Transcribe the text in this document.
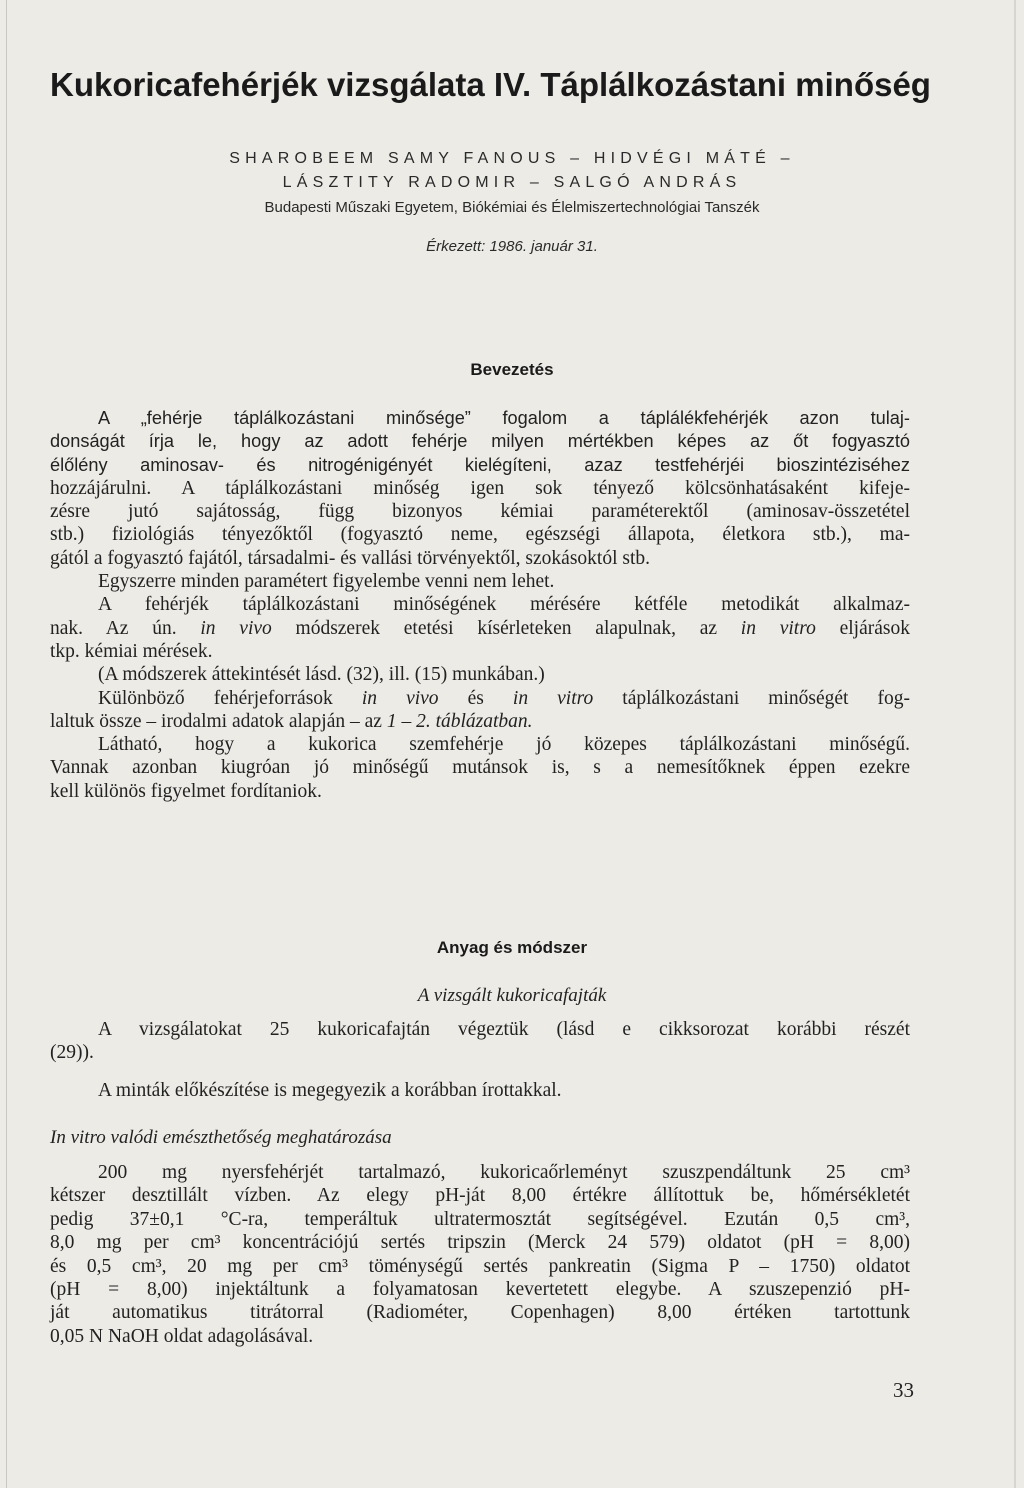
Kukoricafehérjék vizsgálata IV. Táplálkozástani minőség
SHAROBEEM SAMY FANOUS – HIDVÉGI MÁTÉ –
LÁSZTITY RADOMIR – SALGÓ ANDRÁS
Budapesti Műszaki Egyetem, Biókémiai és Élelmiszertechnológiai Tanszék
Érkezett: 1986. január 31.
Bevezetés
A „fehérje táplálkozástani minősége” fogalom a táplálékfehérjék azon tulaj-
donságát írja le, hogy az adott fehérje milyen mértékben képes az őt fogyasztó
élőlény aminosav- és nitrogénigényét kielégíteni, azaz testfehérjéi bioszintéziséhez
hozzájárulni. A táplálkozástani minőség igen sok tényező kölcsönhatásaként kifeje-
zésre jutó sajátosság, függ bizonyos kémiai paraméterektől (aminosav-összetétel
stb.) fiziológiás tényezőktől (fogyasztó neme, egészségi állapota, életkora stb.), ma-
gától a fogyasztó fajától, társadalmi- és vallási törvényektől, szokásoktól stb.
Egyszerre minden paramétert figyelembe venni nem lehet.
A fehérjék táplálkozástani minőségének mérésére kétféle metodikát alkalmaz-
nak. Az ún. in vivo módszerek etetési kísérleteken alapulnak, az in vitro eljárások
tkp. kémiai mérések.
(A módszerek áttekintését lásd. (32), ill. (15) munkában.)
Különböző fehérjeforrások in vivo és in vitro táplálkozástani minőségét fog-
laltuk össze – irodalmi adatok alapján – az 1 – 2. táblázatban.
Látható, hogy a kukorica szemfehérje jó közepes táplálkozástani minőségű.
Vannak azonban kiugróan jó minőségű mutánsok is, s a nemesítőknek éppen ezekre
kell különös figyelmet fordítaniok.
Anyag és módszer
A vizsgált kukoricafajták
A vizsgálatokat 25 kukoricafajtán végeztük (lásd e cikksorozat korábbi részét
(29)).
A minták előkészítése is megegyezik a korábban írottakkal.
In vitro valódi emészthetőség meghatározása
200 mg nyersfehérjét tartalmazó, kukoricaőrleményt szuszpendáltunk 25 cm³
kétszer desztillált vízben. Az elegy pH-ját 8,00 értékre állítottuk be, hőmérsékletét
pedig 37±0,1 °C-ra, temperáltuk ultratermosztát segítségével. Ezután 0,5 cm³,
8,0 mg per cm³ koncentrációjú sertés tripszin (Merck 24 579) oldatot (pH = 8,00)
és 0,5 cm³, 20 mg per cm³ töménységű sertés pankreatin (Sigma P – 1750) oldatot
(pH = 8,00) injektáltunk a folyamatosan kevertetett elegybe. A szuszepenzió pH-
ját automatikus titrátorral (Radiométer, Copenhagen) 8,00 értéken tartottunk
0,05 N NaOH oldat adagolásával.
33
